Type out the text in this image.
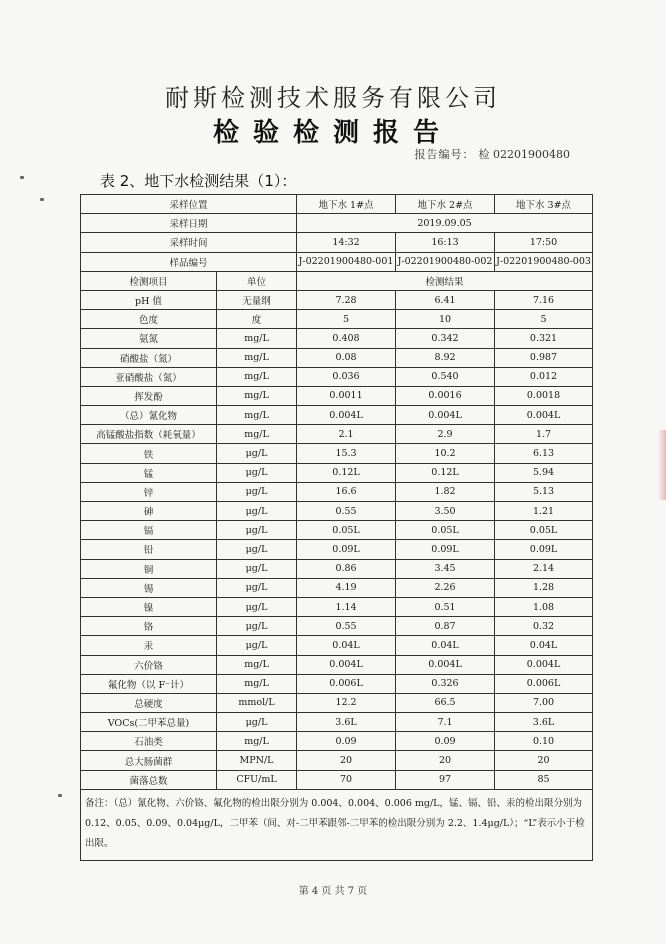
耐斯检测技术服务有限公司
检验检测报告
报告编号： 检 02201900480
表 2、地下水检测结果（1）：
采样位置		地下水 1#点	地下水 2#点	地下水 3#点
采样日期		2019.09.05		
采样时间		14:32	16:13	17:50
样品编号		J-02201900480-001	J-02201900480-002	J-02201900480-003
检测项目	单位	检测结果		
pH 值	无量纲	7.28	6.41	7.16
色度	度	5	10	5
氨氮	mg/L	0.408	0.342	0.321
硝酸盐（氮）	mg/L	0.08	8.92	0.987
亚硝酸盐（氮）	mg/L	0.036	0.540	0.012
挥发酚	mg/L	0.0011	0.0016	0.0018
（总）氰化物	mg/L	0.004L	0.004L	0.004L
高锰酸盐指数（耗氧量）	mg/L	2.1	2.9	1.7
铁	μg/L	15.3	10.2	6.13
锰	μg/L	0.12L	0.12L	5.94
锌	μg/L	16.6	1.82	5.13
砷	μg/L	0.55	3.50	1.21
镉	μg/L	0.05L	0.05L	0.05L
铅	μg/L	0.09L	0.09L	0.09L
铜	μg/L	0.86	3.45	2.14
锡	μg/L	4.19	2.26	1.28
镍	μg/L	1.14	0.51	1.08
铬	μg/L	0.55	0.87	0.32
汞	μg/L	0.04L	0.04L	0.04L
六价铬	mg/L	0.004L	0.004L	0.004L
氟化物（以 F⁻计）	mg/L	0.006L	0.326	0.006L
总硬度	mmol/L	12.2	66.5	7.00
VOCs(二甲苯总量)	μg/L	3.6L	7.1	3.6L
石油类	mg/L	0.09	0.09	0.10
总大肠菌群	MPN/L	20	20	20
菌落总数	CFU/mL	70	97	85
备注：（总）氰化物、六价铬、氟化物的检出限分别为 0.004、0.004、0.006 mg/L，锰、镉、铅、汞的检出限分别为 0.12、0.05、0.09、0.04μg/L，二甲苯（间、对-二甲苯跟邻-二甲苯的检出限分别为 2.2、1.4μg/L）；“L”表示小于检出限。				
第 4 页 共 7 页
